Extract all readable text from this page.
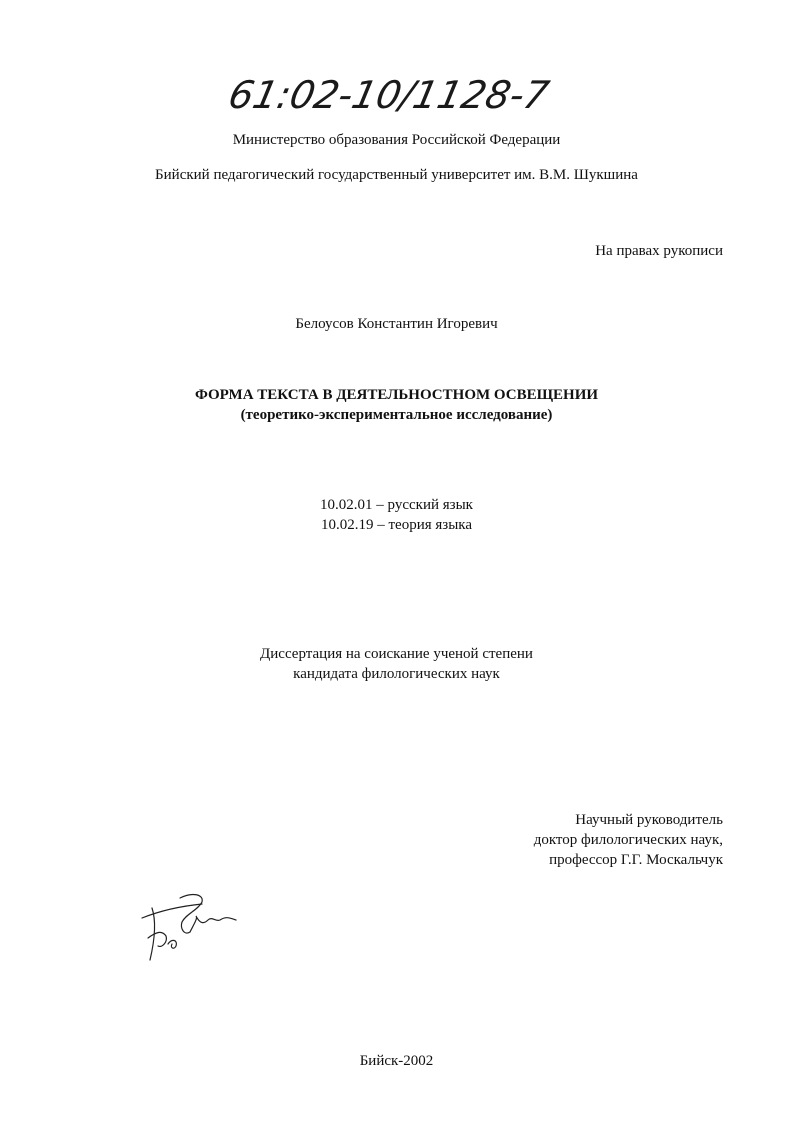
61:02-10/1128-7
Министерство образования Российской Федерации
Бийский педагогический государственный университет им. В.М. Шукшина
На правах рукописи
Белоусов Константин Игоревич
ФОРМА ТЕКСТА В ДЕЯТЕЛЬНОСТНОМ ОСВЕЩЕНИИ
(теоретико-экспериментальное исследование)
10.02.01 – русский язык
10.02.19 – теория языка
Диссертация на соискание ученой степени
кандидата филологических наук
Научный руководитель
доктор филологических наук,
профессор Г.Г. Москальчук
Костин
Бийск-2002
